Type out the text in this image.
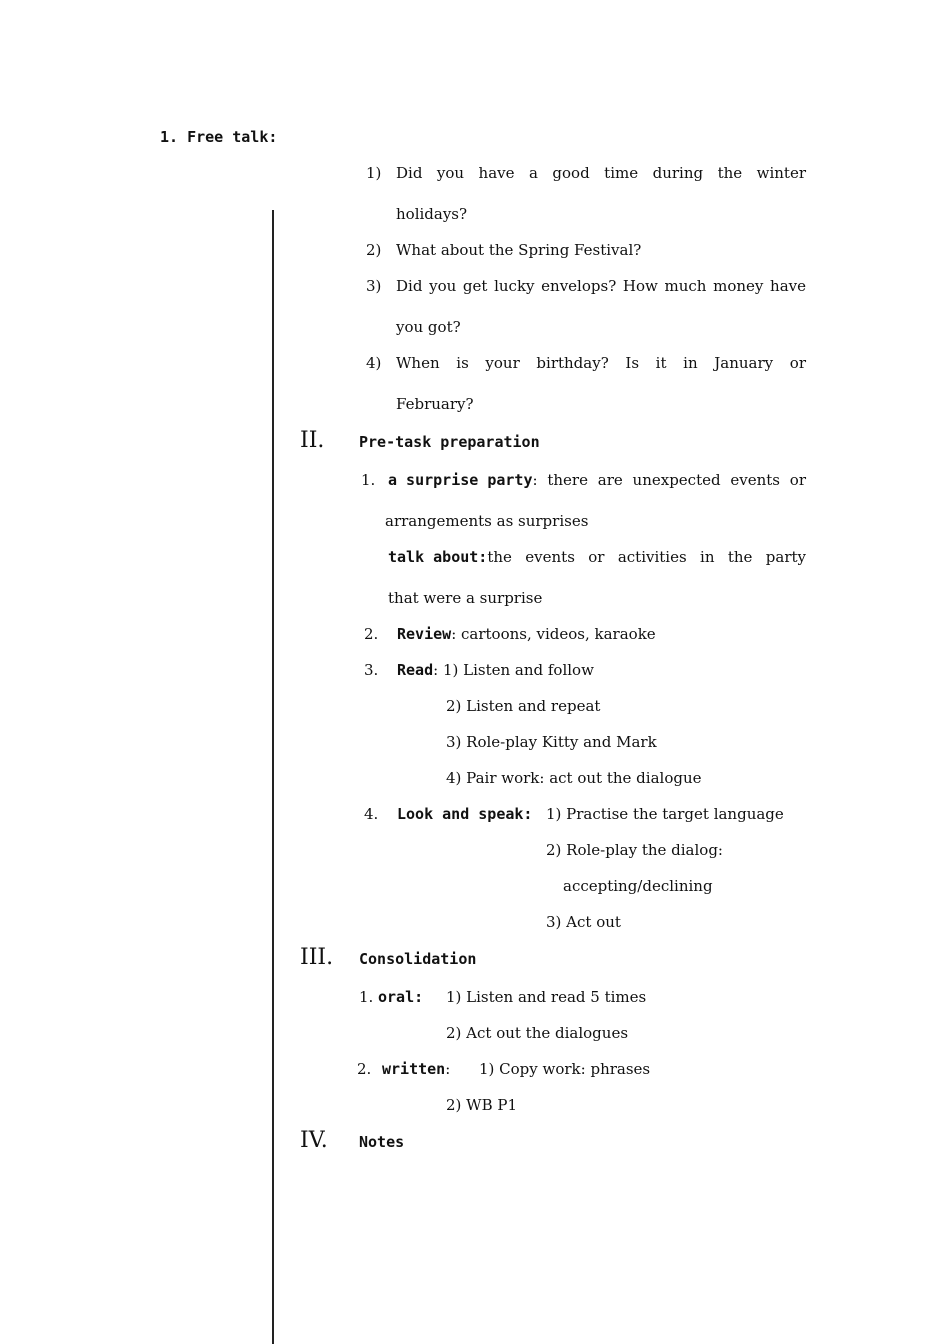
1. Free talk:
1) Did you have a good time during the winter
holidays?
2) What about the Spring Festival?
3) Did you get lucky envelops? How much money have
you got?
4) When is your birthday? Is it in January or
February?
II. Pre-task preparation
1. a surprise party : there are unexpected events or
arrangements as surprises
talk about: the events or activities in the party
that were a surprise
2. Review: cartoons, videos, karaoke
3. Read: 1) Listen and follow
2) Listen and repeat
3) Role-play Kitty and Mark
4) Pair work: act out the dialogue
4. Look and speak: 1) Practise the target language
2) Role-play the dialog:
accepting/declining
3) Act out
III. Consolidation
1. oral: 1) Listen and read 5 times
2) Act out the dialogues
2. written: 1) Copy work: phrases
2) WB P1
IV. Notes
